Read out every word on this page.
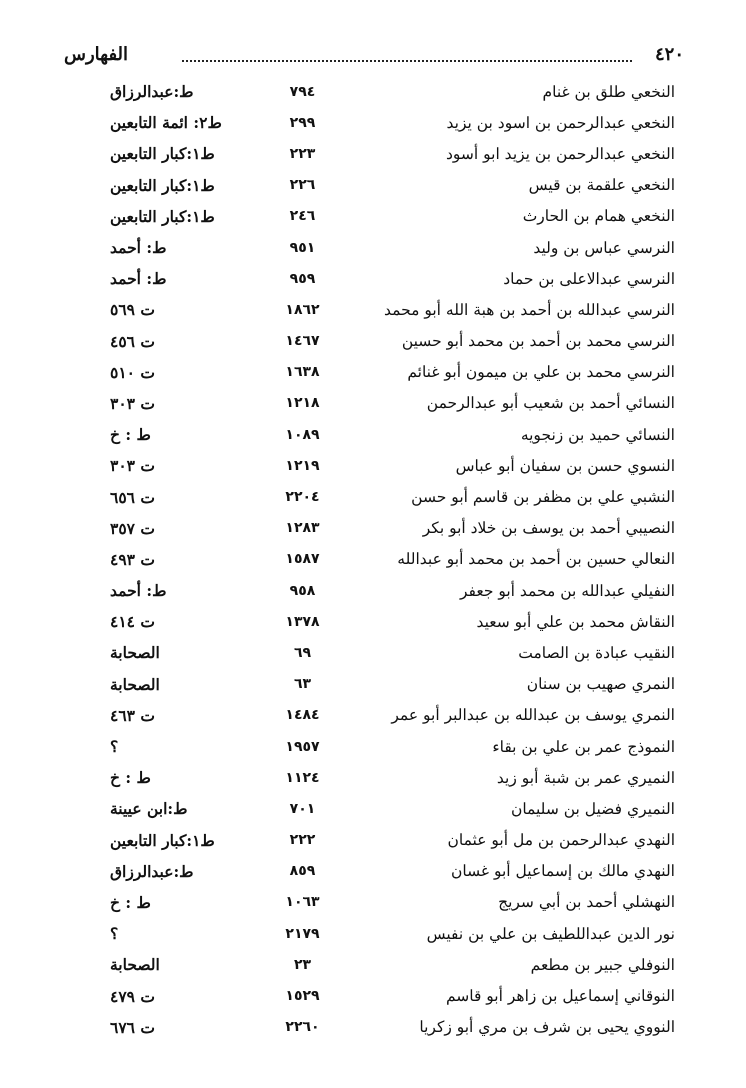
٤٢٠
الفهارس
النخعي طلق بن غنام
٧٩٤
ط:عبدالرزاق
النخعي عبدالرحمن بن اسود بن يزيد
٢٩٩
ط٢: ائمة التابعين
النخعي عبدالرحمن بن يزيد ابو أسود
٢٢٣
ط١:كبار التابعين
النخعي علقمة بن قيس
٢٢٦
ط١:كبار التابعين
النخعي همام بن الحارث
٢٤٦
ط١:كبار التابعين
النرسي عباس بن وليد
٩٥١
ط: أحمد
النرسي عبدالاعلى بن حماد
٩٥٩
ط: أحمد
النرسي عبدالله بن أحمد بن هبة الله أبو محمد
١٨٦٢
ت ٥٦٩
النرسي محمد بن أحمد بن محمد أبو حسين
١٤٦٧
ت ٤٥٦
النرسي محمد بن علي بن ميمون أبو غنائم
١٦٣٨
ت ٥١٠
النسائي أحمد بن شعيب أبو عبدالرحمن
١٢١٨
ت ٣٠٣
النسائي حميد بن زنجويه
١٠٨٩
ط : خ
النسوي حسن بن سفيان أبو عباس
١٢١٩
ت ٣٠٣
النشبي علي بن مظفر بن قاسم أبو حسن
٢٢٠٤
ت ٦٥٦
النصيبي أحمد بن يوسف بن خلاد أبو بكر
١٢٨٣
ت ٣٥٧
النعالي حسين بن أحمد بن محمد أبو عبدالله
١٥٨٧
ت ٤٩٣
النفيلي عبدالله بن محمد أبو جعفر
٩٥٨
ط: أحمد
النقاش محمد بن علي أبو سعيد
١٣٧٨
ت ٤١٤
النقيب عبادة بن الصامت
٦٩
الصحابة
النمري صهيب بن سنان
٦٣
الصحابة
النمري يوسف بن عبدالله بن عبدالبر أبو عمر
١٤٨٤
ت ٤٦٣
النموذج عمر بن علي بن بقاء
١٩٥٧
؟
النميري عمر بن شبة أبو زيد
١١٢٤
ط : خ
النميري فضيل بن سليمان
٧٠١
ط:ابن عيينة
النهدي عبدالرحمن بن مل أبو عثمان
٢٢٢
ط١:كبار التابعين
النهدي مالك بن إسماعيل أبو غسان
٨٥٩
ط:عبدالرزاق
النهشلي أحمد بن أبي سريج
١٠٦٣
ط : خ
نور الدين عبداللطيف بن علي بن نفيس
٢١٧٩
؟
النوفلي جبير بن مطعم
٢٣
الصحابة
النوقاني إسماعيل بن زاهر أبو قاسم
١٥٢٩
ت ٤٧٩
النووي يحيى بن شرف بن مري أبو زكريا
٢٢٦٠
ت ٦٧٦
